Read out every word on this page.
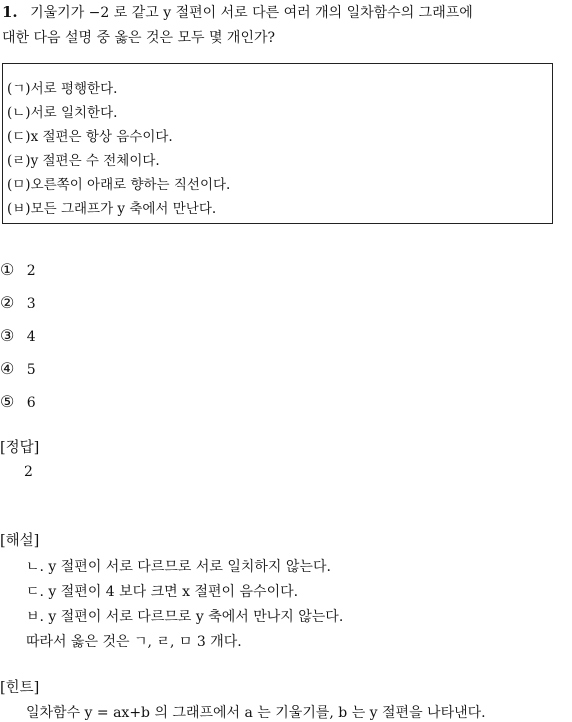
1. 기울기가 −2 로 같고 y 절편이 서로 다른 여러 개의 일차함수의 그래프에
대한 다음 설명 중 옳은 것은 모두 몇 개인가?
(ㄱ)서로 평행한다.
(ㄴ)서로 일치한다.
(ㄷ)x 절편은 항상 음수이다.
(ㄹ)y 절편은 수 전체이다.
(ㅁ)오른쪽이 아래로 향하는 직선이다.
(ㅂ)모든 그래프가 y 축에서 만난다.
① 2
② 3
③ 4
④ 5
⑤ 6
[정답]
2
[해설]
ㄴ. y 절편이 서로 다르므로 서로 일치하지 않는다.
ㄷ. y 절편이 4 보다 크면 x 절편이 음수이다.
ㅂ. y 절편이 서로 다르므로 y 축에서 만나지 않는다.
따라서 옳은 것은 ㄱ, ㄹ, ㅁ 3 개다.
[힌트]
일차함수 y = ax+b 의 그래프에서 a 는 기울기를, b 는 y 절편을 나타낸다.
